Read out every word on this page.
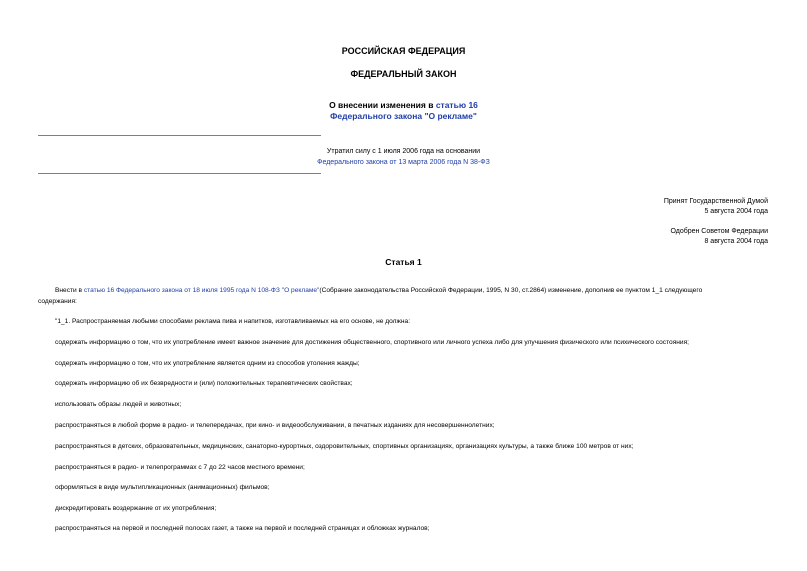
РОССИЙСКАЯ ФЕДЕРАЦИЯ
ФЕДЕРАЛЬНЫЙ ЗАКОН
О внесении изменения в статью 16
Федерального закона "О рекламе"
Утратил силу с 1 июля 2006 года на основании
Федерального закона от 13 марта 2006 года N 38-ФЗ
Принят Государственной Думой
5 августа 2004 года
Одобрен Советом Федерации
8 августа 2004 года
Статья 1
Внести в статью 16 Федерального закона от 18 июля 1995 года N 108-ФЗ "О рекламе"(Собрание законодательства Российской Федерации, 1995, N 30, ст.2864) изменение, дополнив ее пунктом 1_1 следующего
содержания:
"1_1. Распространяемая любыми способами реклама пива и напитков, изготавливаемых на его основе, не должна:
содержать информацию о том, что их употребление имеет важное значение для достижения общественного, спортивного или личного успеха либо для улучшения физического или психического состояния;
содержать информацию о том, что их употребление является одним из способов утоления жажды;
содержать информацию об их безвредности и (или) положительных терапевтических свойствах;
использовать образы людей и животных;
распространяться в любой форме в радио- и телепередачах, при кино- и видеообслуживании, в печатных изданиях для несовершеннолетних;
распространяться в детских, образовательных, медицинских, санаторно-курортных, оздоровительных, спортивных организациях, организациях культуры, а также ближе 100 метров от них;
распространяться в радио- и телепрограммах с 7 до 22 часов местного времени;
оформляться в виде мультипликационных (анимационных) фильмов;
дискредитировать воздержание от их употребления;
распространяться на первой и последней полосах газет, а также на первой и последней страницах и обложках журналов;
